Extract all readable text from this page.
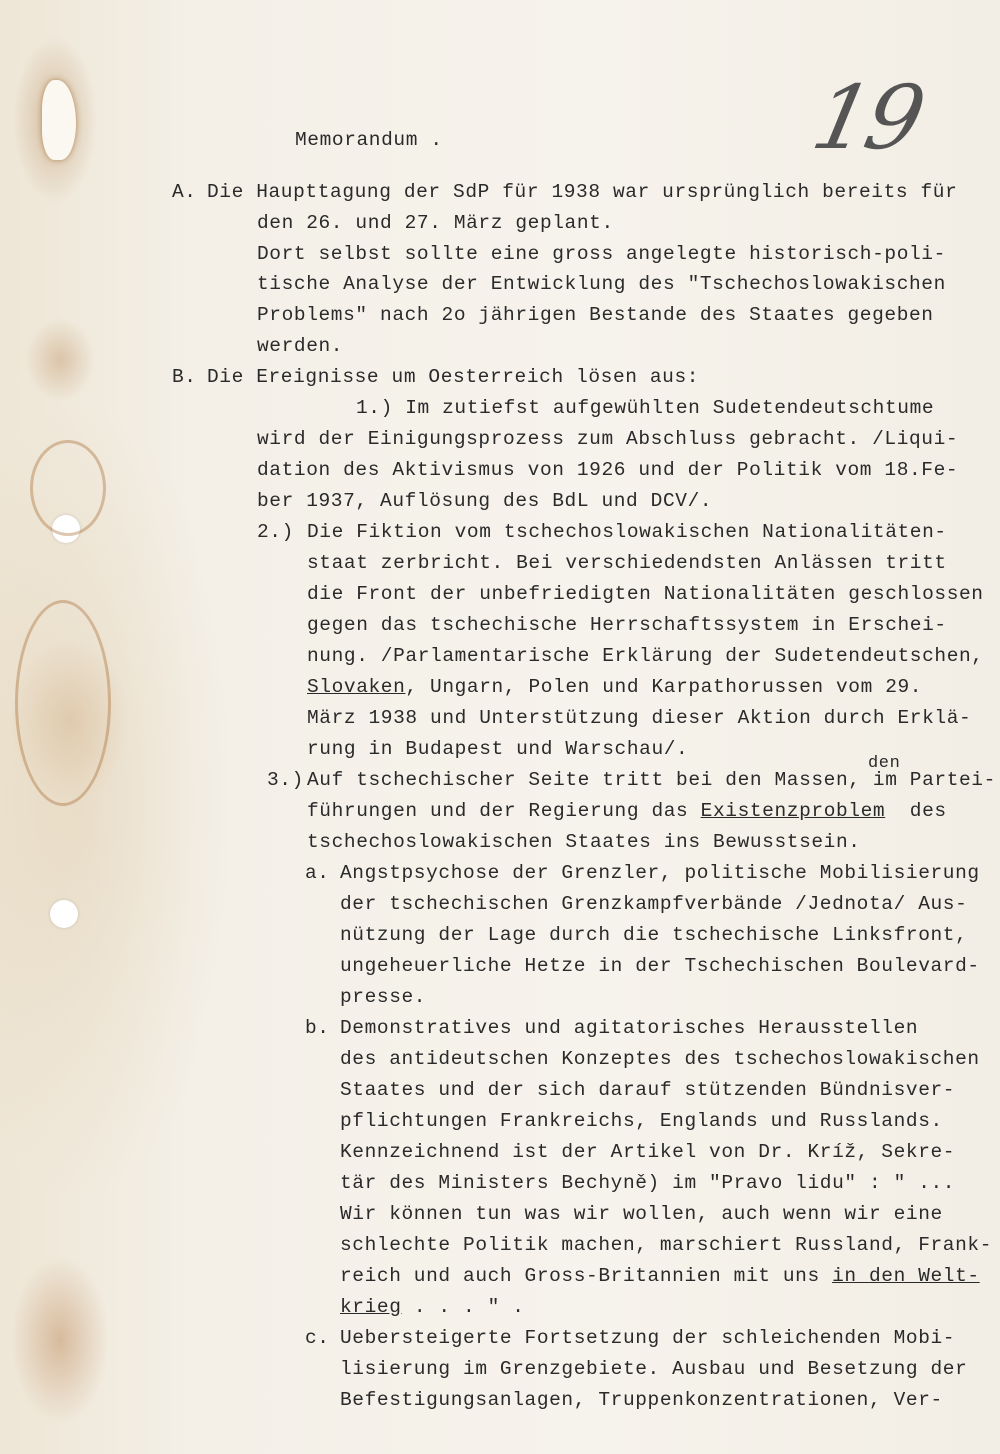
19
Memorandum .
A. Die Haupttagung der SdP für 1938 war ursprünglich bereits für
den 26. und 27. März geplant.
Dort selbst sollte eine gross angelegte historisch-poli-
tische Analyse der Entwicklung des "Tschechoslowakischen
Problems" nach 2o jährigen Bestande des Staates gegeben
werden.
B. Die Ereignisse um Oesterreich lösen aus:
1.) Im zutiefst aufgewühlten Sudetendeutschtume
wird der Einigungsprozess zum Abschluss gebracht. /Liqui-
dation des Aktivismus von 1926 und der Politik vom 18.Fe-
ber 1937, Auflösung des BdL und DCV/.
2.) Die Fiktion vom tschechoslowakischen Nationalitäten-
staat zerbricht. Bei verschiedendsten Anlässen tritt
die Front der unbefriedigten Nationalitäten geschlossen
gegen das tschechische Herrschaftssystem in Erschei-
nung. /Parlamentarische Erklärung der Sudetendeutschen,
Slovaken, Ungarn, Polen und Karpathorussen vom 29.
März 1938 und Unterstützung dieser Aktion durch Erklä-
rung in Budapest und Warschau/.
den
3.) Auf tschechischer Seite tritt bei den Massen, im Partei-
führungen und der Regierung das Existenzproblem  des
tschechoslowakischen Staates ins Bewusstsein.
a. Angstpsychose der Grenzler, politische Mobilisierung
der tschechischen Grenzkampfverbände /Jednota/ Aus-
nützung der Lage durch die tschechische Linksfront,
ungeheuerliche Hetze in der Tschechischen Boulevard-
presse.
b. Demonstratives und agitatorisches Herausstellen
des antideutschen Konzeptes des tschechoslowakischen
Staates und der sich darauf stützenden Bündnisver-
pflichtungen Frankreichs, Englands und Russlands.
Kennzeichnend ist der Artikel von Dr. Kríž, Sekre-
tär des Ministers Bechyně) im "Pravo lidu" : " ...
Wir können tun was wir wollen, auch wenn wir eine
schlechte Politik machen, marschiert Russland, Frank-
reich und auch Gross-Britannien mit uns in den Welt-
krieg . . . " .
c. Uebersteigerte Fortsetzung der schleichenden Mobi-
lisierung im Grenzgebiete. Ausbau und Besetzung der
Befestigungsanlagen, Truppenkonzentrationen, Ver-
